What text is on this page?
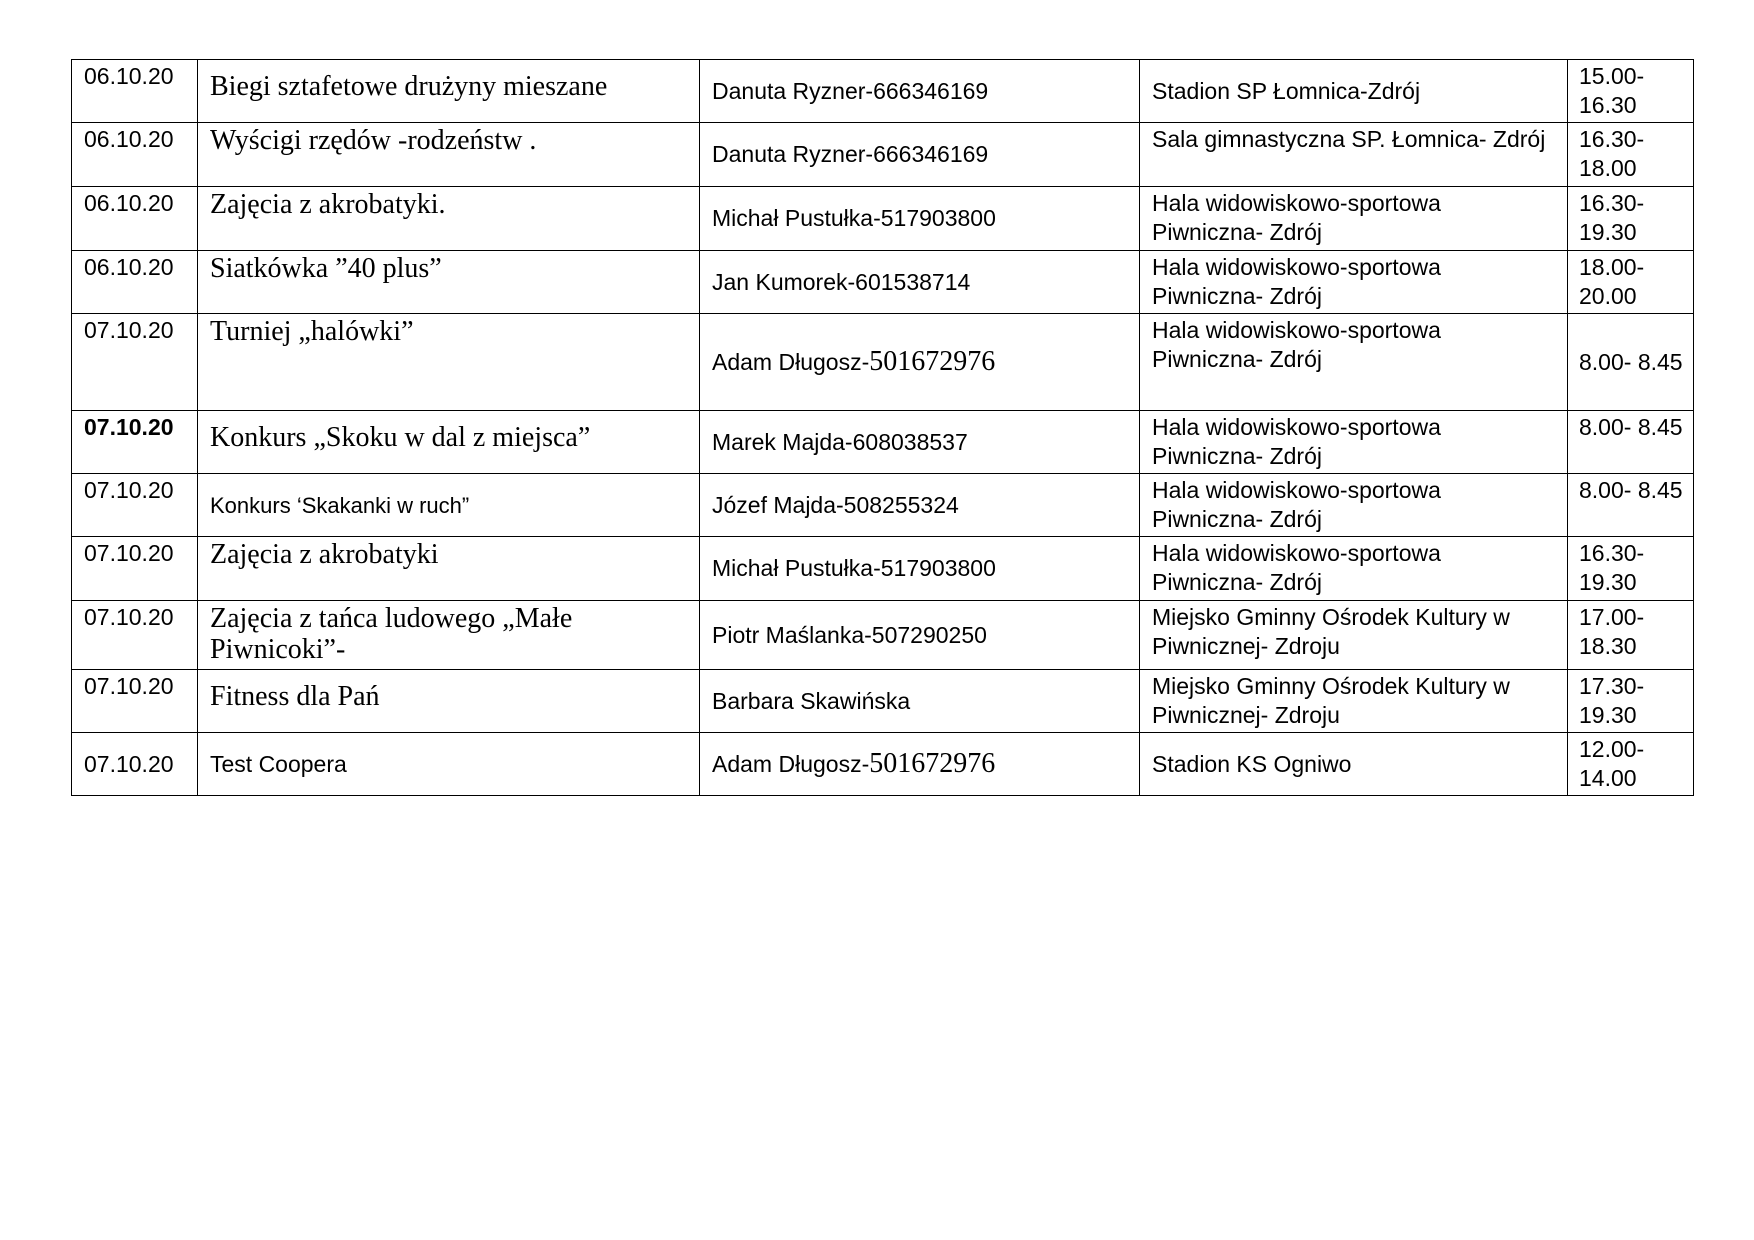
06.10.20	Biegi sztafetowe drużyny mieszane	Danuta Ryzner-666346169	Stadion SP Łomnica-Zdrój	15.00- 16.30
06.10.20	Wyścigi rzędów -rodzeństw .	Danuta Ryzner-666346169	Sala gimnastyczna SP. Łomnica- Zdrój	16.30- 18.00
06.10.20	Zajęcia z akrobatyki.	Michał Pustułka-517903800	Hala widowiskowo-sportowa Piwniczna- Zdrój	16.30- 19.30
06.10.20	Siatkówka ”40 plus”	Jan Kumorek-601538714	Hala widowiskowo-sportowa Piwniczna- Zdrój	18.00- 20.00
07.10.20	Turniej „halówki”	Adam Długosz-501672976	Hala widowiskowo-sportowa Piwniczna- Zdrój	8.00- 8.45
07.10.20	Konkurs „Skoku w dal z miejsca”	Marek Majda-608038537	Hala widowiskowo-sportowa Piwniczna- Zdrój	8.00- 8.45
07.10.20	Konkurs ‘Skakanki w ruch”	Józef Majda-508255324	Hala widowiskowo-sportowa Piwniczna- Zdrój	8.00- 8.45
07.10.20	Zajęcia z akrobatyki	Michał Pustułka-517903800	Hala widowiskowo-sportowa Piwniczna- Zdrój	16.30- 19.30
07.10.20	Zajęcia z tańca ludowego „Małe Piwnicoki”-	Piotr Maślanka-507290250	Miejsko Gminny Ośrodek Kultury w Piwnicznej- Zdroju	17.00- 18.30
07.10.20	Fitness dla Pań	Barbara Skawińska	Miejsko Gminny Ośrodek Kultury w Piwnicznej- Zdroju	17.30- 19.30
07.10.20	Test Coopera	Adam Długosz-501672976	Stadion KS Ogniwo	12.00- 14.00
